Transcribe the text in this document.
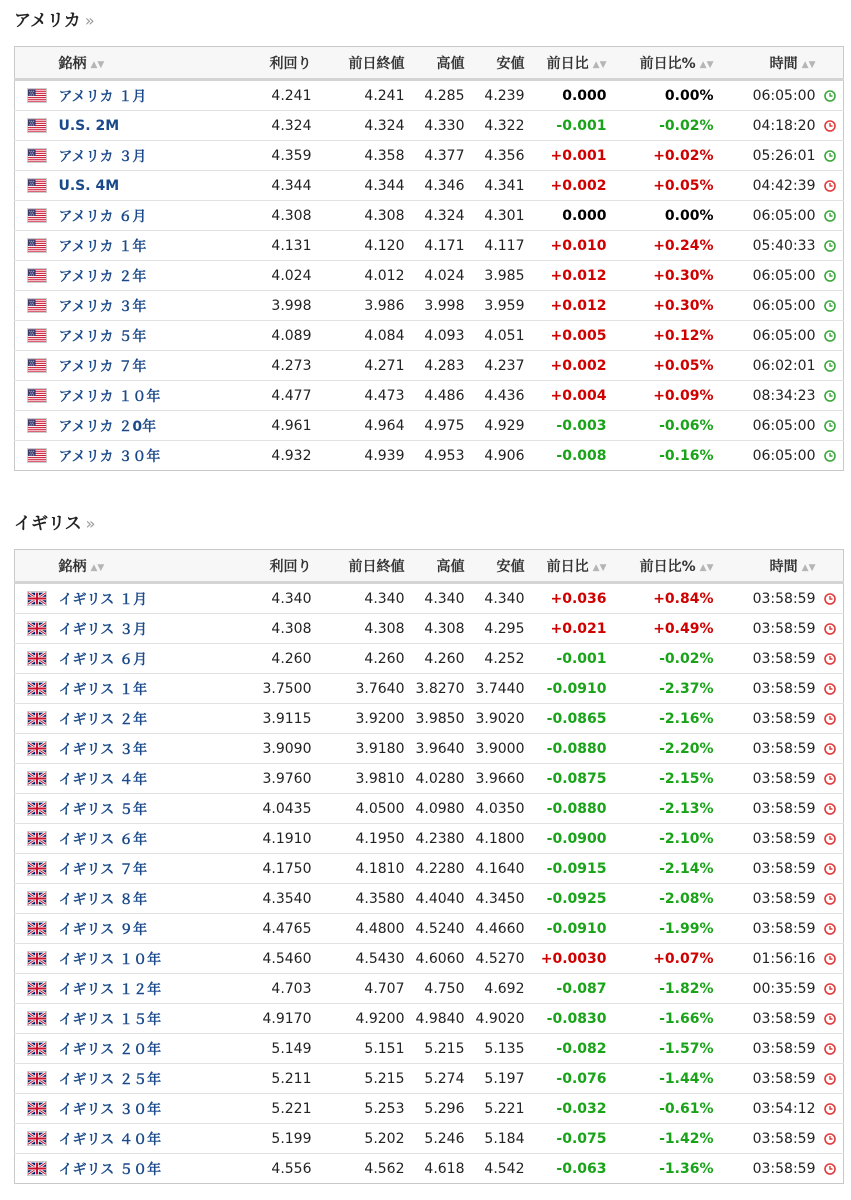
アメリカ »
	銘柄 ▲▼	利回り	前日終値	高値	安値	前日比 ▲▼	前日比% ▲▼	時間 ▲▼	
	アメリカ １月	4.241	4.241	4.285	4.239	0.000	0.00%	06:05:00	
	U.S. 2M	4.324	4.324	4.330	4.322	-0.001	-0.02%	04:18:20	
	アメリカ ３月	4.359	4.358	4.377	4.356	+0.001	+0.02%	05:26:01	
	U.S. 4M	4.344	4.344	4.346	4.341	+0.002	+0.05%	04:42:39	
	アメリカ ６月	4.308	4.308	4.324	4.301	0.000	0.00%	06:05:00	
	アメリカ １年	4.131	4.120	4.171	4.117	+0.010	+0.24%	05:40:33	
	アメリカ ２年	4.024	4.012	4.024	3.985	+0.012	+0.30%	06:05:00	
	アメリカ ３年	3.998	3.986	3.998	3.959	+0.012	+0.30%	06:05:00	
	アメリカ ５年	4.089	4.084	4.093	4.051	+0.005	+0.12%	06:05:00	
	アメリカ ７年	4.273	4.271	4.283	4.237	+0.002	+0.05%	06:02:01	
	アメリカ １０年	4.477	4.473	4.486	4.436	+0.004	+0.09%	08:34:23	
	アメリカ ２0年	4.961	4.964	4.975	4.929	-0.003	-0.06%	06:05:00	
	アメリカ ３０年	4.932	4.939	4.953	4.906	-0.008	-0.16%	06:05:00	
イギリス »
	銘柄 ▲▼	利回り	前日終値	高値	安値	前日比 ▲▼	前日比% ▲▼	時間 ▲▼	
	イギリス １月	4.340	4.340	4.340	4.340	+0.036	+0.84%	03:58:59	
	イギリス ３月	4.308	4.308	4.308	4.295	+0.021	+0.49%	03:58:59	
	イギリス ６月	4.260	4.260	4.260	4.252	-0.001	-0.02%	03:58:59	
	イギリス １年	3.7500	3.7640	3.8270	3.7440	-0.0910	-2.37%	03:58:59	
	イギリス ２年	3.9115	3.9200	3.9850	3.9020	-0.0865	-2.16%	03:58:59	
	イギリス ３年	3.9090	3.9180	3.9640	3.9000	-0.0880	-2.20%	03:58:59	
	イギリス ４年	3.9760	3.9810	4.0280	3.9660	-0.0875	-2.15%	03:58:59	
	イギリス ５年	4.0435	4.0500	4.0980	4.0350	-0.0880	-2.13%	03:58:59	
	イギリス ６年	4.1910	4.1950	4.2380	4.1800	-0.0900	-2.10%	03:58:59	
	イギリス ７年	4.1750	4.1810	4.2280	4.1640	-0.0915	-2.14%	03:58:59	
	イギリス ８年	4.3540	4.3580	4.4040	4.3450	-0.0925	-2.08%	03:58:59	
	イギリス ９年	4.4765	4.4800	4.5240	4.4660	-0.0910	-1.99%	03:58:59	
	イギリス １０年	4.5460	4.5430	4.6060	4.5270	+0.0030	+0.07%	01:56:16	
	イギリス １２年	4.703	4.707	4.750	4.692	-0.087	-1.82%	00:35:59	
	イギリス １５年	4.9170	4.9200	4.9840	4.9020	-0.0830	-1.66%	03:58:59	
	イギリス ２０年	5.149	5.151	5.215	5.135	-0.082	-1.57%	03:58:59	
	イギリス ２５年	5.211	5.215	5.274	5.197	-0.076	-1.44%	03:58:59	
	イギリス ３０年	5.221	5.253	5.296	5.221	-0.032	-0.61%	03:54:12	
	イギリス ４０年	5.199	5.202	5.246	5.184	-0.075	-1.42%	03:58:59	
	イギリス ５０年	4.556	4.562	4.618	4.542	-0.063	-1.36%	03:58:59	
